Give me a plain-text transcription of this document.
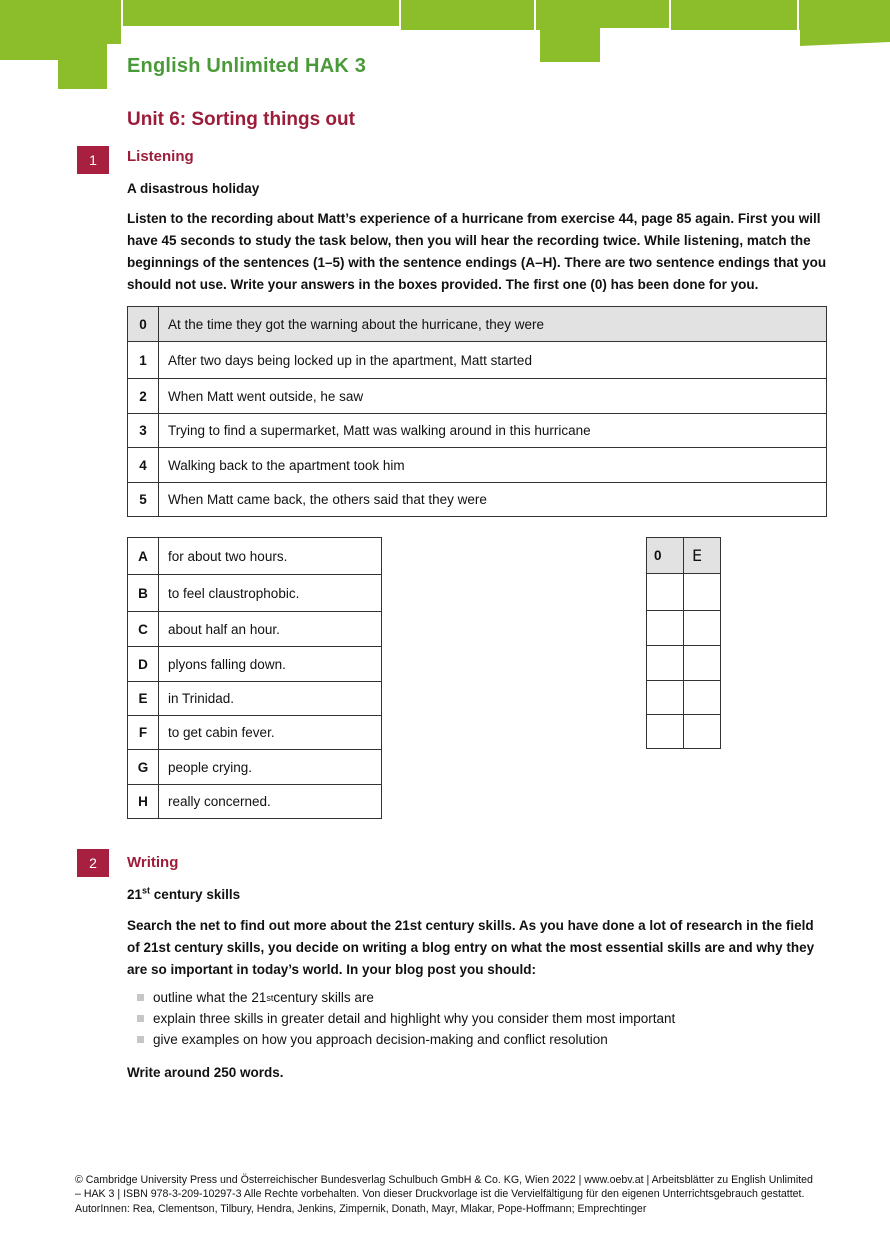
English Unlimited HAK 3
Unit 6: Sorting things out
1	Listening
A disastrous holiday
Listen to the recording about Matt’s experience of a hurricane from exercise 44, page 85 again. First you will have 45 seconds to study the task below, then you will hear the recording twice. While listening, match the beginnings of the sentences (1–5) with the sentence endings (A–H). There are two sentence endings that you should not use. Write your answers in the boxes provided. The first one (0) has been done for you.
0	At the time they got the warning about the hurricane, they were
1	After two days being locked up in the apartment, Matt started
2	When Matt went outside, he saw
3	Trying to find a supermarket, Matt was walking around in this hurricane
4	Walking back to the apartment took him
5	When Matt came back, the others said that they were
A	for about two hours.
B	to feel claustrophobic.
C	about half an hour.
D	plyons falling down.
E	in Trinidad.
F	to get cabin fever.
G	people crying.
H	really concerned.
0	E

2	Writing
21st century skills
Search the net to find out more about the 21st century skills. As you have done a lot of research in the field of 21st century skills, you decide on writing a blog entry on what the most essential skills are and why they are so important in today’s world. In your blog post you should:
outline what the 21 st century skills are
explain three skills in greater detail and highlight why you consider them most important
give examples on how you approach decision-making and conflict resolution
Write around 250 words.
© Cambridge University Press und Österreichischer Bundesverlag Schulbuch GmbH & Co. KG, Wien 2022 | www.oebv.at | Arbeitsblätter zu English Unlimited – HAK 3 | ISBN 978-3-209-10297-3 Alle Rechte vorbehalten. Von dieser Druckvorlage ist die Vervielfältigung für den eigenen Unterrichtsgebrauch gestattet.
AutorInnen: Rea, Clementson, Tilbury, Hendra, Jenkins, Zimpernik, Donath, Mayr, Mlakar, Pope-Hoffmann; Emprechtinger
